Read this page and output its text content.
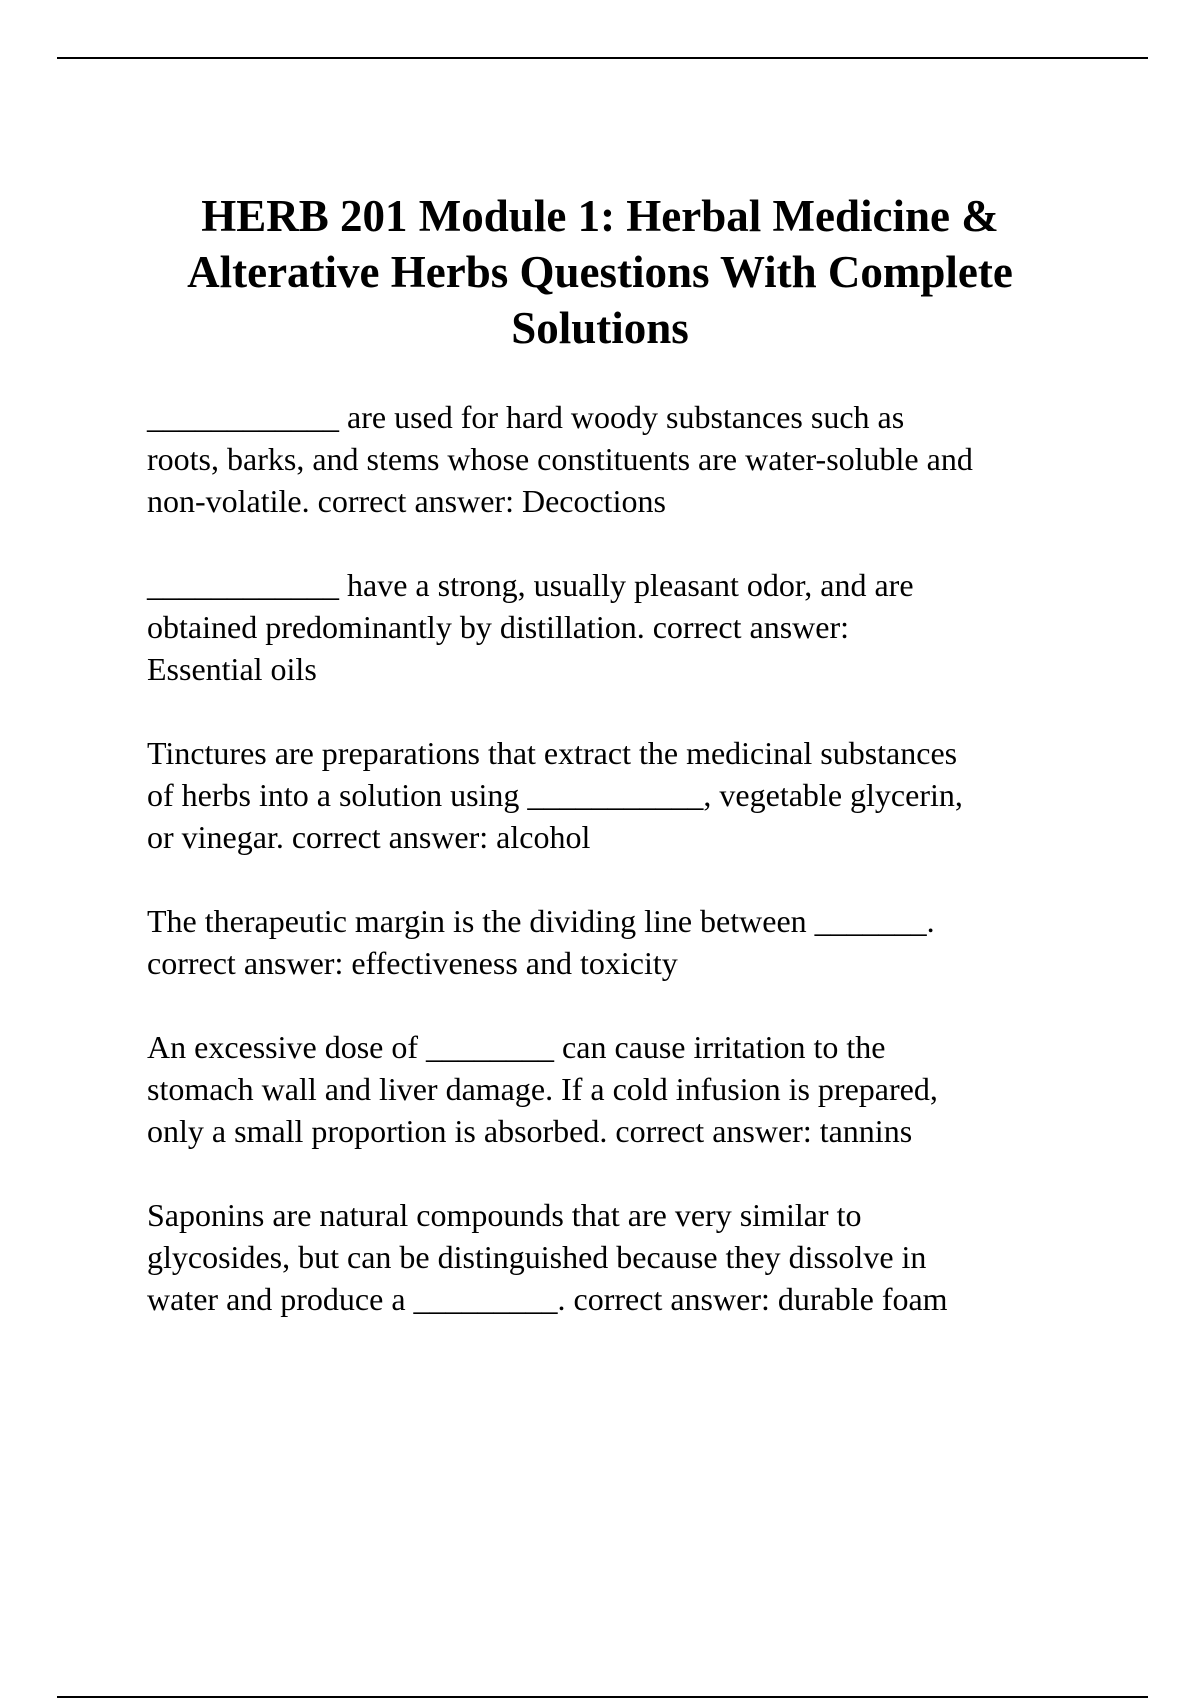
HERB 201 Module 1: Herbal Medicine &
Alterative Herbs Questions With Complete
Solutions

____________ are used for hard woody substances such as
roots, barks, and stems whose constituents are water-soluble and
non-volatile. correct answer: Decoctions

____________ have a strong, usually pleasant odor, and are
obtained predominantly by distillation. correct answer:
Essential oils

Tinctures are preparations that extract the medicinal substances
of herbs into a solution using ___________, vegetable glycerin,
or vinegar. correct answer: alcohol

The therapeutic margin is the dividing line between _______.
correct answer: effectiveness and toxicity

An excessive dose of ________ can cause irritation to the
stomach wall and liver damage. If a cold infusion is prepared,
only a small proportion is absorbed. correct answer: tannins

Saponins are natural compounds that are very similar to
glycosides, but can be distinguished because they dissolve in
water and produce a _________. correct answer: durable foam
